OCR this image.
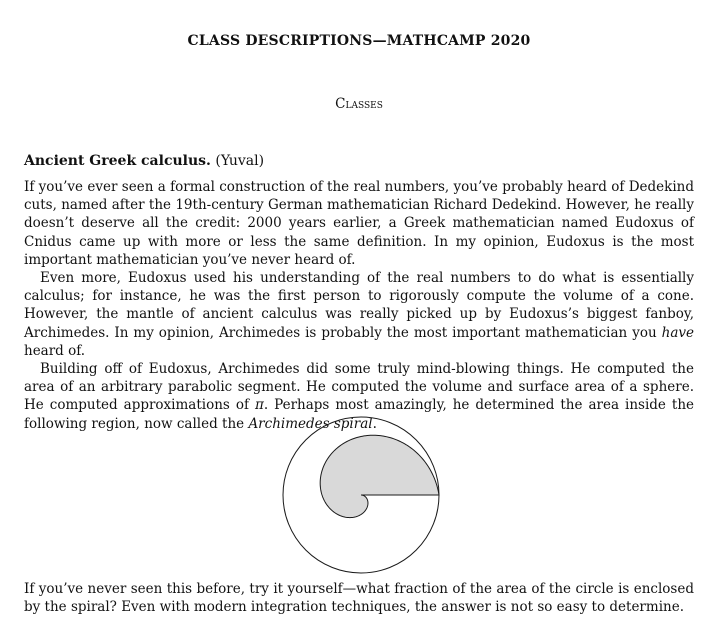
CLASS DESCRIPTIONS—MATHCAMP 2020
Classes
Ancient Greek calculus. (Yuval)

If you’ve ever seen a formal construction of the real numbers, you’ve probably heard of Dedekind cuts, named after the 19th-century German mathematician Richard Dedekind. However, he really doesn’t deserve all the credit: 2000 years earlier, a Greek mathematician named Eudoxus of Cnidus came up with more or less the same definition. In my opinion, Eudoxus is the most important mathematician you’ve never heard of.

Even more, Eudoxus used his understanding of the real numbers to do what is essentially calculus; for instance, he was the first person to rigorously compute the volume of a cone. However, the mantle of ancient calculus was really picked up by Eudoxus’s biggest fanboy, Archimedes. In my opinion, Archimedes is probably the most important mathematician you have heard of.

Building off of Eudoxus, Archimedes did some truly mind-blowing things. He computed the area of an arbitrary parabolic segment. He computed the volume and surface area of a sphere. He computed approximations of π. Perhaps most amazingly, he determined the area inside the following region, now called the Archimedes spiral.

If you’ve never seen this before, try it yourself—what fraction of the area of the circle is enclosed by the spiral? Even with modern integration techniques, the answer is not so easy to determine.
